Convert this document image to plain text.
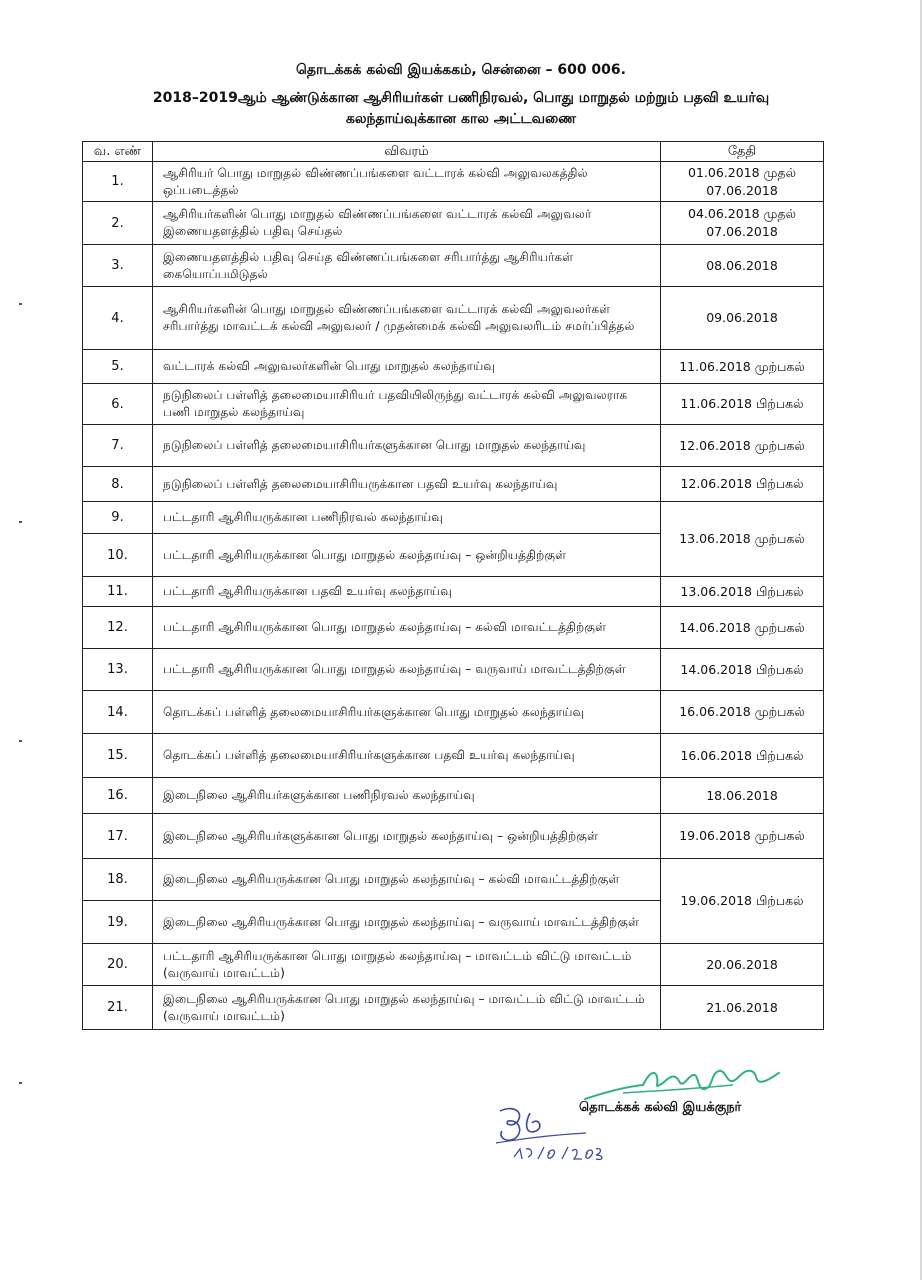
தொடக்கக் கல்வி இயக்ககம், சென்னை – 600 006.
2018–2019ஆம் ஆண்டுக்கான ஆசிரியர்கள் பணிநிரவல், பொது மாறுதல் மற்றும் பதவி உயர்வு
கலந்தாய்வுக்கான கால அட்டவணை
வ. எண்	விவரம்	தேதி
1.	ஆசிரியர் பொது மாறுதல் விண்ணப்பங்களை வட்டாரக் கல்வி அலுவலகத்தில் ஒப்படைத்தல்	01.06.2018 முதல் 07.06.2018
2.	ஆசிரியர்களின் பொது மாறுதல் விண்ணப்பங்களை வட்டாரக் கல்வி அலுவலர் இணையதளத்தில் பதிவு செய்தல்	04.06.2018 முதல் 07.06.2018
3.	இணையதளத்தில் பதிவு செய்த விண்ணப்பங்களை சரிபார்த்து ஆசிரியர்கள் கையொப்பமிடுதல்	08.06.2018
4.	ஆசிரியர்களின் பொது மாறுதல் விண்ணப்பங்களை வட்டாரக் கல்வி அலுவலர்கள் சரிபார்த்து மாவட்டக் கல்வி அலுவலர் / முதன்மைக் கல்வி அலுவலரிடம் சமர்ப்பித்தல்	09.06.2018
5.	வட்டாரக் கல்வி அலுவலர்களின் பொது மாறுதல் கலந்தாய்வு	11.06.2018 முற்பகல்
6.	நடுநிலைப் பள்ளித் தலைமையாசிரியர் பதவியிலிருந்து வட்டாரக் கல்வி அலுவலராக பணி மாறுதல் கலந்தாய்வு	11.06.2018 பிற்பகல்
7.	நடுநிலைப் பள்ளித் தலைமையாசிரியர்களுக்கான பொது மாறுதல் கலந்தாய்வு	12.06.2018 முற்பகல்
8.	நடுநிலைப் பள்ளித் தலைமையாசிரியருக்கான பதவி உயர்வு கலந்தாய்வு	12.06.2018 பிற்பகல்
9.	பட்டதாரி ஆசிரியருக்கான பணிநிரவல் கலந்தாய்வு	13.06.2018 முற்பகல்
10.	பட்டதாரி ஆசிரியருக்கான பொது மாறுதல் கலந்தாய்வு – ஒன்றியத்திற்குள்	
11.	பட்டதாரி ஆசிரியருக்கான பதவி உயர்வு கலந்தாய்வு	13.06.2018 பிற்பகல்
12.	பட்டதாரி ஆசிரியருக்கான பொது மாறுதல் கலந்தாய்வு – கல்வி மாவட்டத்திற்குள்	14.06.2018 முற்பகல்
13.	பட்டதாரி ஆசிரியருக்கான பொது மாறுதல் கலந்தாய்வு – வருவாய் மாவட்டத்திற்குள்	14.06.2018 பிற்பகல்
14.	தொடக்கப் பள்ளித் தலைமையாசிரியர்களுக்கான பொது மாறுதல் கலந்தாய்வு	16.06.2018 முற்பகல்
15.	தொடக்கப் பள்ளித் தலைமையாசிரியர்களுக்கான பதவி உயர்வு கலந்தாய்வு	16.06.2018 பிற்பகல்
16.	இடைநிலை ஆசிரியர்களுக்கான பணிநிரவல் கலந்தாய்வு	18.06.2018
17.	இடைநிலை ஆசிரியர்களுக்கான பொது மாறுதல் கலந்தாய்வு – ஒன்றியத்திற்குள்	19.06.2018 முற்பகல்
18.	இடைநிலை ஆசிரியருக்கான பொது மாறுதல் கலந்தாய்வு – கல்வி மாவட்டத்திற்குள்	19.06.2018 பிற்பகல்
19.	இடைநிலை ஆசிரியருக்கான பொது மாறுதல் கலந்தாய்வு – வருவாய் மாவட்டத்திற்குள்	
20.	பட்டதாரி ஆசிரியருக்கான பொது மாறுதல் கலந்தாய்வு – மாவட்டம் விட்டு மாவட்டம் (வருவாய் மாவட்டம்)	20.06.2018
21.	இடைநிலை ஆசிரியருக்கான பொது மாறுதல் கலந்தாய்வு – மாவட்டம் விட்டு மாவட்டம் (வருவாய் மாவட்டம்)	21.06.2018
தொடக்கக் கல்வி இயக்குநர்
